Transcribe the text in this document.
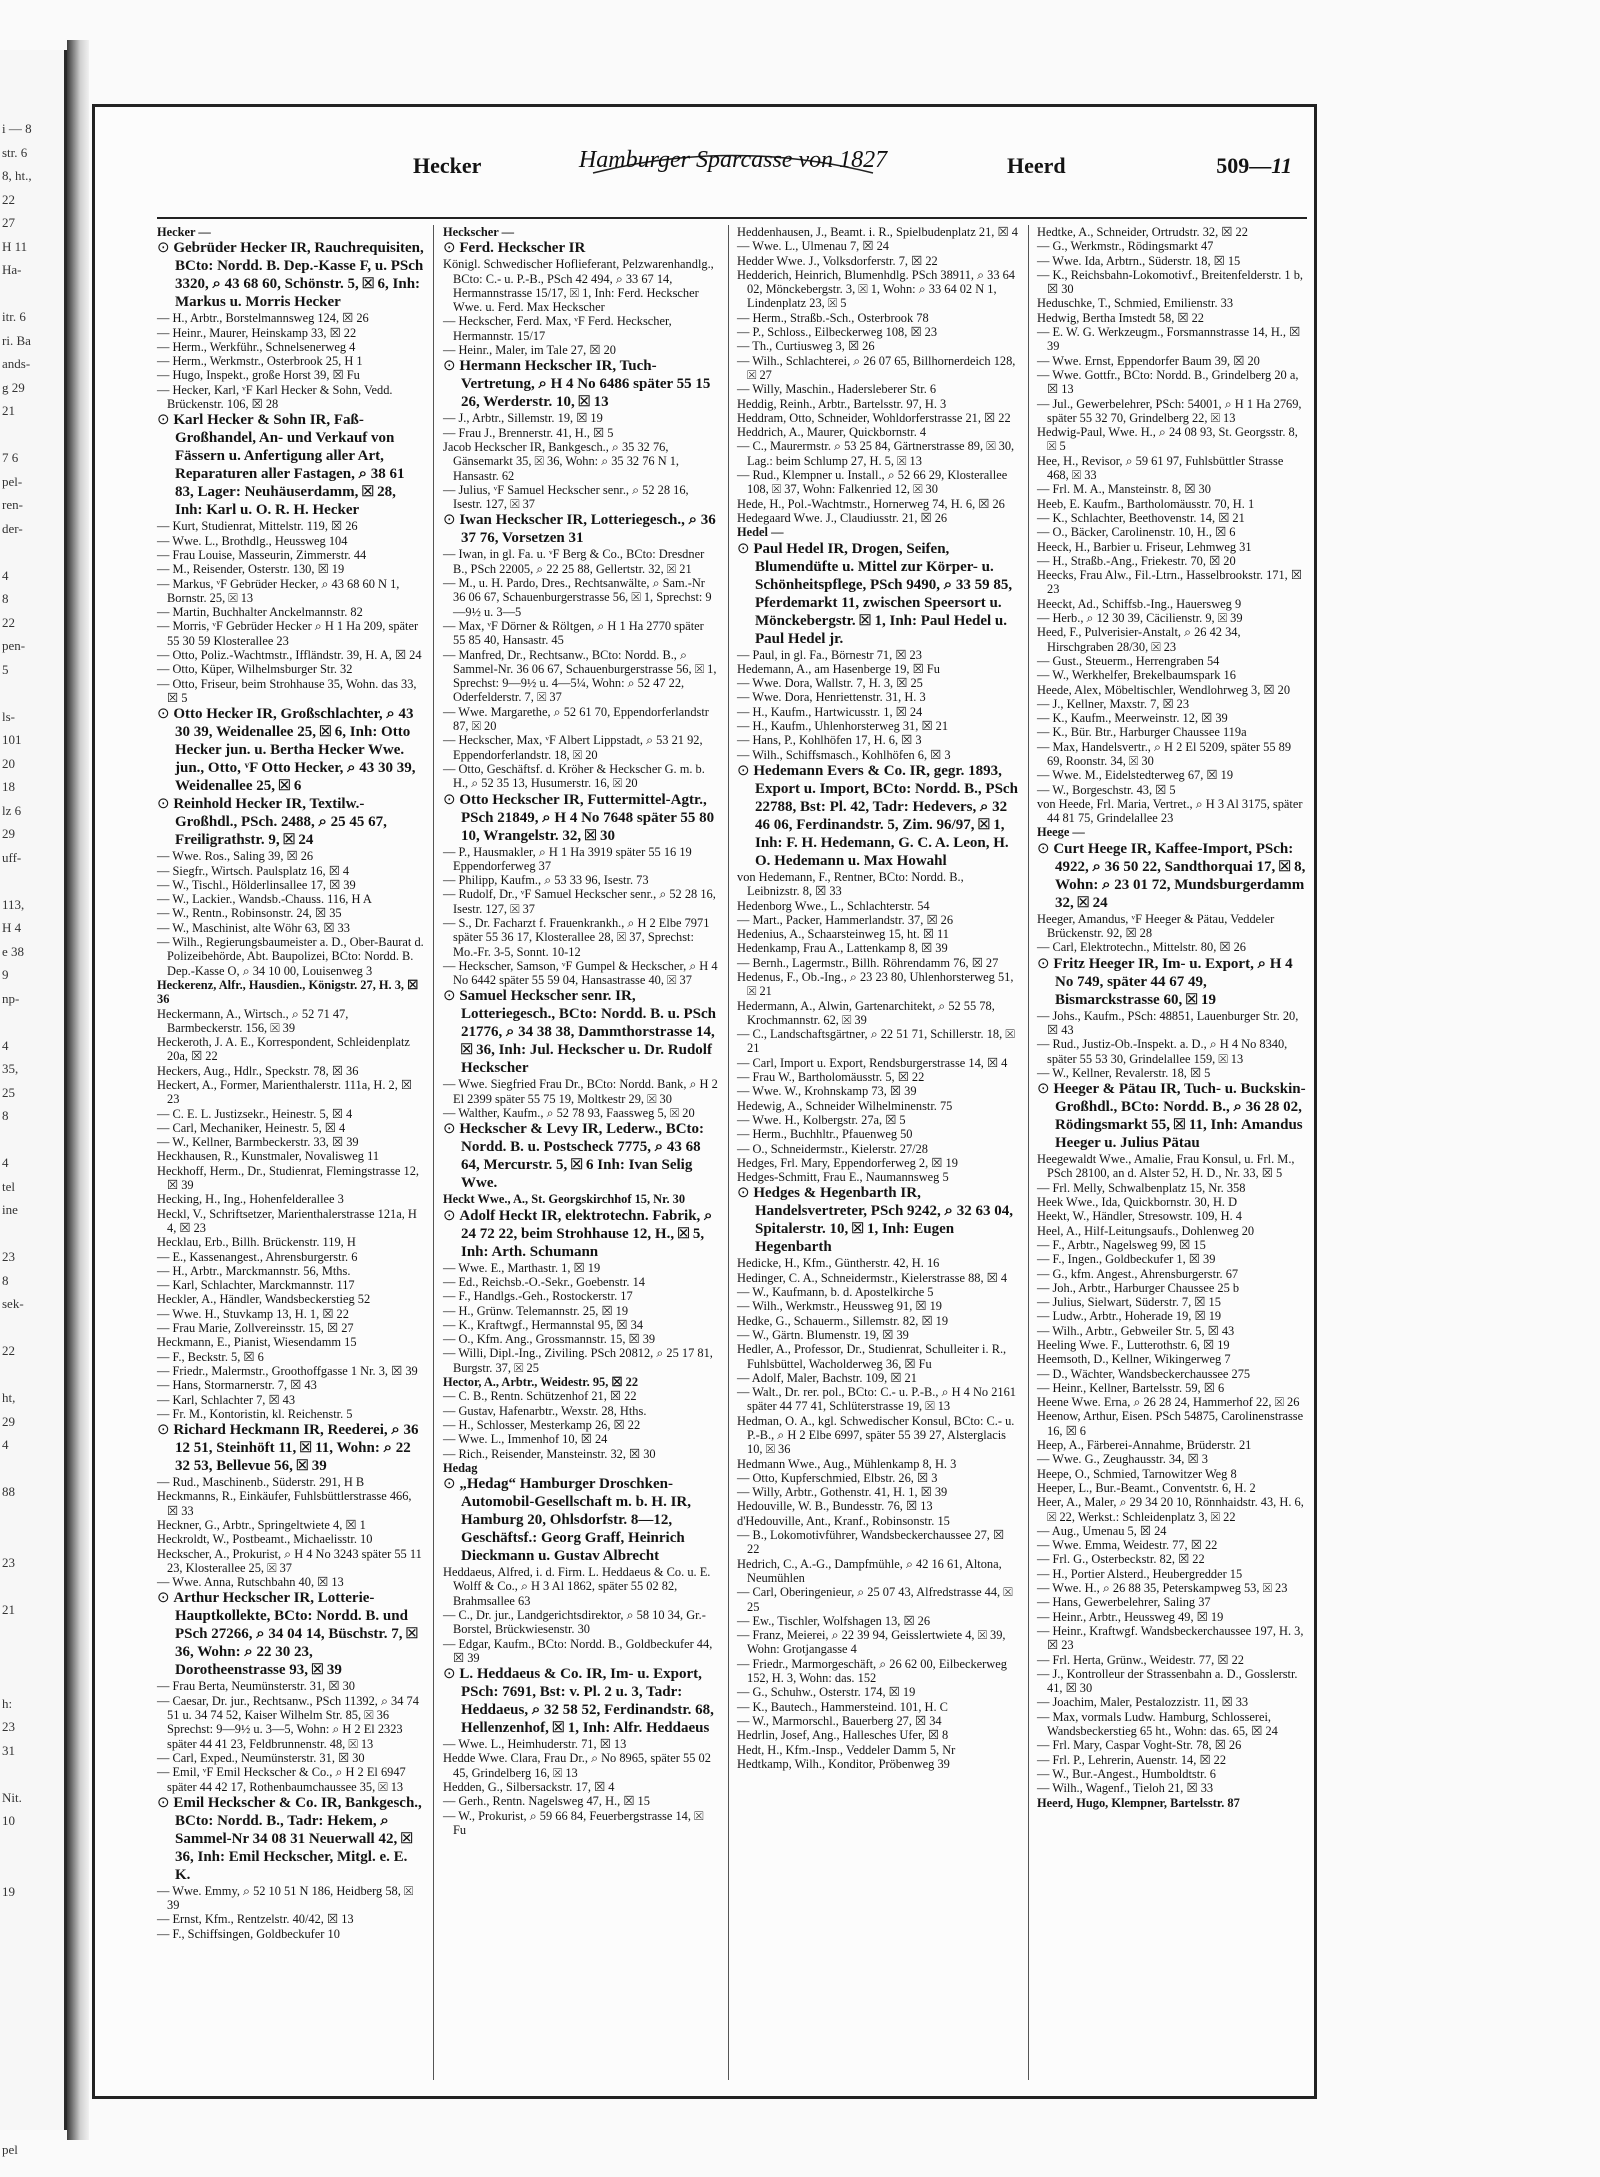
i — 8
str. 6
8, ht.,
22
27
H 11
Ha-
itr. 6
ri. Ba
ands-
g 29
21
7 6
pel-
ren-
der-
4
8
22
pen-
5
ls-
101
20
18
lz 6
29
uff-
113,
H 4
e 38
9
np-
4
35,
25
8
4
tel
ine
23
8
sek-
22
ht,
29
4
88
23
21
h:
23
31
Nit.
10
19
pel
Hecker	Hamburger Sparcasse von 1827	Heerd	509—11

Hecker —

⊙ Gebrüder Hecker IR, Rauchrequisiten, BCto: Nordd. B. Dep.-Kasse F, u. PSch 3320, ⌕ 43 68 60, Schönstr. 5, ☒ 6, Inh: Markus u. Morris Hecker

— H., Arbtr., Borstelmannsweg 124, ☒ 26

— Heinr., Maurer, Heinskamp 33, ☒ 22

— Herm., Werkführ., Schnelsenerweg 4

— Herm., Werkmstr., Osterbrook 25, H 1

— Hugo, Inspekt., große Horst 39, ☒ Fu

— Hecker, Karl, ᵛF Karl Hecker & Sohn, Vedd. Brückenstr. 106, ☒ 28

⊙ Karl Hecker & Sohn IR, Faß-Großhandel, An- und Verkauf von Fässern u. Anfertigung aller Art, Reparaturen aller Fastagen, ⌕ 38 61 83, Lager: Neuhäuserdamm, ☒ 28, Inh: Karl u. O. R. H. Hecker

— Kurt, Studienrat, Mittelstr. 119, ☒ 26

— Wwe. L., Brothdlg., Heussweg 104

— Frau Louise, Masseurin, Zimmerstr. 44

— M., Reisender, Osterstr. 130, ☒ 19

— Markus, ᵛF Gebrüder Hecker, ⌕ 43 68 60 N 1, Bornstr. 25, ☒ 13

— Martin, Buchhalter Anckelmannstr. 82

— Morris, ᵛF Gebrüder Hecker ⌕ H 1 Ha 209, später 55 30 59 Klosterallee 23

— Otto, Poliz.-Wachtmstr., Iffländstr. 39, H. A, ☒ 24

— Otto, Küper, Wilhelmsburger Str. 32

— Otto, Friseur, beim Strohhause 35, Wohn. das 33, ☒ 5

⊙ Otto Hecker IR, Großschlachter, ⌕ 43 30 39, Weidenallee 25, ☒ 6, Inh: Otto Hecker jun. u. Bertha Hecker Wwe. jun., Otto, ᵛF Otto Hecker, ⌕ 43 30 39, Weidenallee 25, ☒ 6

⊙ Reinhold Hecker IR, Textilw.-Großhdl., PSch. 2488, ⌕ 25 45 67, Freiligrathstr. 9, ☒ 24

— Wwe. Ros., Saling 39, ☒ 26

— Siegfr., Wirtsch. Paulsplatz 16, ☒ 4

— W., Tischl., Hölderlinsallee 17, ☒ 39

— W., Lackier., Wandsb.-Chauss. 116, H A

— W., Rentn., Robinsonstr. 24, ☒ 35

— W., Maschinist, alte Wöhr 63, ☒ 33

— Wilh., Regierungsbaumeister a. D., Ober-Baurat d. Polizeibehörde, Abt. Baupolizei, BCto: Nordd. B. Dep.-Kasse O, ⌕ 34 10 00, Louisenweg 3

Heckerenz, Alfr., Hausdien., Königstr. 27, H. 3, ☒ 36

Heckermann, A., Wirtsch., ⌕ 52 71 47, Barmbeckerstr. 156, ☒ 39

Heckeroth, J. A. E., Korrespondent, Schleidenplatz 20a, ☒ 22

Heckers, Aug., Hdlr., Speckstr. 78, ☒ 36

Heckert, A., Former, Marienthalerstr. 111a, H. 2, ☒ 23

— C. E. L. Justizsekr., Heinestr. 5, ☒ 4

— Carl, Mechaniker, Heinestr. 5, ☒ 4

— W., Kellner, Barmbeckerstr. 33, ☒ 39

Heckhausen, R., Kunstmaler, Novalisweg 11

Heckhoff, Herm., Dr., Studienrat, Flemingstrasse 12, ☒ 39

Hecking, H., Ing., Hohenfelderallee 3

Heckl, V., Schriftsetzer, Marienthalerstrasse 121a, H 4, ☒ 23

Hecklau, Erb., Billh. Brückenstr. 119, H

— E., Kassenangest., Ahrensburgerstr. 6

— H., Arbtr., Marckmannstr. 56, Mths.

— Karl, Schlachter, Marckmannstr. 117

Heckler, A., Händler, Wandsbeckerstieg 52

— Wwe. H., Stuvkamp 13, H. 1, ☒ 22

— Frau Marie, Zollvereinsstr. 15, ☒ 27

Heckmann, E., Pianist, Wiesendamm 15

— F., Beckstr. 5, ☒ 6

— Friedr., Malermstr., Groothoffgasse 1 Nr. 3, ☒ 39

— Hans, Stormarnerstr. 7, ☒ 43

— Karl, Schlachter 7, ☒ 43

— Fr. M., Kontoristin, kl. Reichenstr. 5

⊙ Richard Heckmann IR, Reederei, ⌕ 36 12 51, Steinhöft 11, ☒ 11, Wohn: ⌕ 22 32 53, Bellevue 56, ☒ 39

— Rud., Maschinenb., Süderstr. 291, H B

Heckmanns, R., Einkäufer, Fuhlsbüttlerstrasse 466, ☒ 33

Heckner, G., Arbtr., Springeltwiete 4, ☒ 1

Heckroldt, W., Postbeamt., Michaelisstr. 10

Heckscher, A., Prokurist, ⌕ H 4 No 3243 später 55 11 23, Klosterallee 25, ☒ 37

— Wwe. Anna, Rutschbahn 40, ☒ 13

⊙ Arthur Heckscher IR, Lotterie-Hauptkollekte, BCto: Nordd. B. und PSch 27266, ⌕ 34 04 14, Büschstr. 7, ☒ 36, Wohn: ⌕ 22 30 23, Dorotheenstrasse 93, ☒ 39

— Frau Berta, Neumünsterstr. 31, ☒ 30

— Caesar, Dr. jur., Rechtsanw., PSch 11392, ⌕ 34 74 51 u. 34 74 52, Kaiser Wilhelm Str. 85, ☒ 36 Sprechst: 9—9½ u. 3—5, Wohn: ⌕ H 2 El 2323 später 44 41 23, Feldbrunnenstr. 48, ☒ 13

— Carl, Exped., Neumünsterstr. 31, ☒ 30

— Emil, ᵛF Emil Heckscher & Co., ⌕ H 2 El 6947 später 44 42 17, Rothenbaumchaussee 35, ☒ 13

⊙ Emil Heckscher & Co. IR, Bankgesch., BCto: Nordd. B., Tadr: Hekem, ⌕ Sammel-Nr 34 08 31 Neuerwall 42, ☒ 36, Inh: Emil Heckscher, Mitgl. e. E. K.

— Wwe. Emmy, ⌕ 52 10 51 N 186, Heidberg 58, ☒ 39

— Ernst, Kfm., Rentzelstr. 40/42, ☒ 13

— F., Schiffsingen, Goldbeckufer 10

Heckscher —

⊙ Ferd. Heckscher IR

Königl. Schwedischer Hoflieferant, Pelzwarenhandlg., BCto: C.- u. P.-B., PSch 42 494, ⌕ 33 67 14, Hermannstrasse 15/17, ☒ 1, Inh: Ferd. Heckscher Wwe. u. Ferd. Max Heckscher

— Heckscher, Ferd. Max, ᵛF Ferd. Heckscher, Hermannstr. 15/17

— Heinr., Maler, im Tale 27, ☒ 20

⊙ Hermann Heckscher IR, Tuch-Vertretung, ⌕ H 4 No 6486 später 55 15 26, Werderstr. 10, ☒ 13

— J., Arbtr., Sillemstr. 19, ☒ 19

— Frau J., Brennerstr. 41, H., ☒ 5

Jacob Heckscher IR, Bankgesch., ⌕ 35 32 76, Gänsemarkt 35, ☒ 36, Wohn: ⌕ 35 32 76 N 1, Hansastr. 62

— Julius, ᵛF Samuel Heckscher senr., ⌕ 52 28 16, Isestr. 127, ☒ 37

⊙ Iwan Heckscher IR, Lotteriegesch., ⌕ 36 37 76, Vorsetzen 31

— Iwan, in gl. Fa. u. ᵛF Berg & Co., BCto: Dresdner B., PSch 22005, ⌕ 22 25 88, Gellertstr. 32, ☒ 21

— M., u. H. Pardo, Dres., Rechtsanwälte, ⌕ Sam.-Nr 36 06 67, Schauenburgerstrasse 56, ☒ 1, Sprechst: 9—9½ u. 3—5

— Max, ᵛF Dörner & Röltgen, ⌕ H 1 Ha 2770 später 55 85 40, Hansastr. 45

— Manfred, Dr., Rechtsanw., BCto: Nordd. B., ⌕ Sammel-Nr. 36 06 67, Schauenburgerstrasse 56, ☒ 1, Sprechst: 9—9½ u. 4—5¼, Wohn: ⌕ 52 47 22, Oderfelderstr. 7, ☒ 37

— Wwe. Margarethe, ⌕ 52 61 70, Eppendorferlandstr 87, ☒ 20

— Heckscher, Max, ᵛF Albert Lippstadt, ⌕ 53 21 92, Eppendorferlandstr. 18, ☒ 20

— Otto, Geschäftsf. d. Kröher & Heckscher G. m. b. H., ⌕ 52 35 13, Husumerstr. 16, ☒ 20

⊙ Otto Heckscher IR, Futtermittel-Agtr., PSch 21849, ⌕ H 4 No 7648 später 55 80 10, Wrangelstr. 32, ☒ 30

— P., Hausmakler, ⌕ H 1 Ha 3919 später 55 16 19 Eppendorferweg 37

— Philipp, Kaufm., ⌕ 53 33 96, Isestr. 73

— Rudolf, Dr., ᵛF Samuel Heckscher senr., ⌕ 52 28 16, Isestr. 127, ☒ 37

— S., Dr. Facharzt f. Frauenkrankh., ⌕ H 2 Elbe 7971 später 55 36 17, Klosterallee 28, ☒ 37, Sprechst: Mo.-Fr. 3-5, Sonnt. 10-12

— Heckscher, Samson, ᵛF Gumpel & Heckscher, ⌕ H 4 No 6442 später 55 59 04, Hansastrasse 40, ☒ 37

⊙ Samuel Heckscher senr. IR, Lotteriegesch., BCto: Nordd. B. u. PSch 21776, ⌕ 34 38 38, Dammthorstrasse 14, ☒ 36, Inh: Jul. Heckscher u. Dr. Rudolf Heckscher

— Wwe. Siegfried Frau Dr., BCto: Nordd. Bank, ⌕ H 2 El 2399 später 55 75 19, Moltkestr 29, ☒ 30

— Walther, Kaufm., ⌕ 52 78 93, Faassweg 5, ☒ 20

⊙ Heckscher & Levy IR, Lederw., BCto: Nordd. B. u. Postscheck 7775, ⌕ 43 68 64, Mercurstr. 5, ☒ 6 Inh: Ivan Selig Wwe.

Heckt Wwe., A., St. Georgskirchhof 15, Nr. 30

⊙ Adolf Heckt IR, elektrotechn. Fabrik, ⌕ 24 72 22, beim Strohhause 12, H., ☒ 5, Inh: Arth. Schumann

— Wwe. E., Marthastr. 1, ☒ 19

— Ed., Reichsb.-O.-Sekr., Goebenstr. 14

— F., Handlgs.-Geh., Rostockerstr. 17

— H., Grünw. Telemannstr. 25, ☒ 19

— K., Kraftwgf., Hermannstal 95, ☒ 34

— O., Kfm. Ang., Grossmannstr. 15, ☒ 39

— Willi, Dipl.-Ing., Ziviling. PSch 20812, ⌕ 25 17 81, Burgstr. 37, ☒ 25

Hector, A., Arbtr., Weidestr. 95, ☒ 22

— C. B., Rentn. Schützenhof 21, ☒ 22

— Gustav, Hafenarbtr., Wexstr. 28, Hths.

— H., Schlosser, Mesterkamp 26, ☒ 22

— Wwe. L., Immenhof 10, ☒ 24

— Rich., Reisender, Mansteinstr. 32, ☒ 30

Hedag

⊙ „Hedag“ Hamburger Droschken-Automobil-Gesellschaft m. b. H. IR, Hamburg 20, Ohlsdorfstr. 8—12, Geschäftsf.: Georg Graff, Heinrich Dieckmann u. Gustav Albrecht

Heddaeus, Alfred, i. d. Firm. L. Heddaeus & Co. u. E. Wolff & Co., ⌕ H 3 Al 1862, später 55 02 82, Brahmsallee 63

— C., Dr. jur., Landgerichtsdirektor, ⌕ 58 10 34, Gr.-Borstel, Brückwiesenstr. 30

— Edgar, Kaufm., BCto: Nordd. B., Goldbeckufer 44, ☒ 39

⊙ L. Heddaeus & Co. IR, Im- u. Export, PSch: 7691, Bst: v. Pl. 2 u. 3, Tadr: Heddaeus, ⌕ 32 58 52, Ferdinandstr. 68, Hellenzenhof, ☒ 1, Inh: Alfr. Heddaeus

— Wwe. L., Heimhuderstr. 71, ☒ 13

Hedde Wwe. Clara, Frau Dr., ⌕ No 8965, später 55 02 45, Grindelberg 16, ☒ 13

Hedden, G., Silbersackstr. 17, ☒ 4

— Gerh., Rentn. Nagelsweg 47, H., ☒ 15

— W., Prokurist, ⌕ 59 66 84, Feuerbergstrasse 14, ☒ Fu

Heddenhausen, J., Beamt. i. R., Spielbudenplatz 21, ☒ 4

— Wwe. L., Ulmenau 7, ☒ 24

Hedder Wwe. J., Volksdorferstr. 7, ☒ 22

Hedderich, Heinrich, Blumenhdlg. PSch 38911, ⌕ 33 64 02, Mönckebergstr. 3, ☒ 1, Wohn: ⌕ 33 64 02 N 1, Lindenplatz 23, ☒ 5

— Herm., Straßb.-Sch., Osterbrook 78

— P., Schloss., Eilbeckerweg 108, ☒ 23

— Th., Curtiusweg 3, ☒ 26

— Wilh., Schlachterei, ⌕ 26 07 65, Billhornerdeich 128, ☒ 27

— Willy, Maschin., Hadersleberer Str. 6

Heddig, Reinh., Arbtr., Bartelsstr. 97, H. 3

Heddram, Otto, Schneider, Wohldorferstrasse 21, ☒ 22

Heddrich, A., Maurer, Quickbornstr. 4

— C., Maurermstr. ⌕ 53 25 84, Gärtnerstrasse 89, ☒ 30, Lag.: beim Schlump 27, H. 5, ☒ 13

— Rud., Klempner u. Install., ⌕ 52 66 29, Klosterallee 108, ☒ 37, Wohn: Falkenried 12, ☒ 30

Hede, H., Pol.-Wachtmstr., Hornerweg 74, H. 6, ☒ 26

Hedegaard Wwe. J., Claudiusstr. 21, ☒ 26

Hedel —

⊙ Paul Hedel IR, Drogen, Seifen, Blumendüfte u. Mittel zur Körper- u. Schönheitspflege, PSch 9490, ⌕ 33 59 85, Pferdemarkt 11, zwischen Speersort u. Mönckebergstr. ☒ 1, Inh: Paul Hedel u. Paul Hedel jr.

— Paul, in gl. Fa., Börnestr 71, ☒ 23

Hedemann, A., am Hasenberge 19, ☒ Fu

— Wwe. Dora, Wallstr. 7, H. 3, ☒ 25

— Wwe. Dora, Henriettenstr. 31, H. 3

— H., Kaufm., Hartwicusstr. 1, ☒ 24

— H., Kaufm., Uhlenhorsterweg 31, ☒ 21

— Hans, P., Kohlhöfen 17, H. 6, ☒ 3

— Wilh., Schiffsmasch., Kohlhöfen 6, ☒ 3

⊙ Hedemann Evers & Co. IR, gegr. 1893, Export u. Import, BCto: Nordd. B., PSch 22788, Bst: Pl. 42, Tadr: Hedevers, ⌕ 32 46 06, Ferdinandstr. 5, Zim. 96/97, ☒ 1, Inh: F. H. Hedemann, G. C. A. Leon, H. O. Hedemann u. Max Howahl

von Hedemann, F., Rentner, BCto: Nordd. B., Leibnizstr. 8, ☒ 33

Hedenborg Wwe., L., Schlachterstr. 54

— Mart., Packer, Hammerlandstr. 37, ☒ 26

Hedenius, A., Schaarsteinweg 15, ht. ☒ 11

Hedenkamp, Frau A., Lattenkamp 8, ☒ 39

— Bernh., Lagermstr., Billh. Röhrendamm 76, ☒ 27

Hedenus, F., Ob.-Ing., ⌕ 23 23 80, Uhlenhorsterweg 51, ☒ 21

Hedermann, A., Alwin, Gartenarchitekt, ⌕ 52 55 78, Krochmannstr. 62, ☒ 39

— C., Landschaftsgärtner, ⌕ 22 51 71, Schillerstr. 18, ☒ 21

— Carl, Import u. Export, Rendsburgerstrasse 14, ☒ 4

— Frau W., Bartholomäusstr. 5, ☒ 22

— Wwe. W., Krohnskamp 73, ☒ 39

Hedewig, A., Schneider Wilhelminenstr. 75

— Wwe. H., Kolbergstr. 27a, ☒ 5

— Herm., Buchhltr., Pfauenweg 50

— O., Schneidermstr., Kielerstr. 27/28

Hedges, Frl. Mary, Eppendorferweg 2, ☒ 19

Hedges-Schmitt, Frau E., Naumannsweg 5

⊙ Hedges & Hegenbarth IR, Handelsvertreter, PSch 9242, ⌕ 32 63 04, Spitalerstr. 10, ☒ 1, Inh: Eugen Hegenbarth

Hedicke, H., Kfm., Güntherstr. 42, H. 16

Hedinger, C. A., Schneidermstr., Kielerstrasse 88, ☒ 4

— W., Kaufmann, b. d. Apostelkirche 5

— Wilh., Werkmstr., Heussweg 91, ☒ 19

Hedke, G., Schauerm., Sillemstr. 82, ☒ 19

— W., Gärtn. Blumenstr. 19, ☒ 39

Hedler, A., Professor, Dr., Studienrat, Schulleiter i. R., Fuhlsbüttel, Wacholderweg 36, ☒ Fu

— Adolf, Maler, Bachstr. 109, ☒ 21

— Walt., Dr. rer. pol., BCto: C.- u. P.-B., ⌕ H 4 No 2161 später 44 77 41, Schlüterstrasse 19, ☒ 13

Hedman, O. A., kgl. Schwedischer Konsul, BCto: C.- u. P.-B., ⌕ H 2 Elbe 6997, später 55 39 27, Alsterglacis 10, ☒ 36

Hedmann Wwe., Aug., Mühlenkamp 8, H. 3

— Otto, Kupferschmied, Elbstr. 26, ☒ 3

— Willy, Arbtr., Gothenstr. 41, H. 1, ☒ 39

Hedouville, W. B., Bundesstr. 76, ☒ 13

d'Hedouville, Ant., Kranf., Robinsonstr. 15

— B., Lokomotivführer, Wandsbeckerchaussee 27, ☒ 22

Hedrich, C., A.-G., Dampfmühle, ⌕ 42 16 61, Altona, Neumühlen

— Carl, Oberingenieur, ⌕ 25 07 43, Alfredstrasse 44, ☒ 25

— Ew., Tischler, Wolfshagen 13, ☒ 26

— Franz, Meierei, ⌕ 22 39 94, Geisslertwiete 4, ☒ 39, Wohn: Grotjangasse 4

— Friedr., Marmorgeschäft, ⌕ 26 62 00, Eilbeckerweg 152, H. 3, Wohn: das. 152

— G., Schuhw., Osterstr. 174, ☒ 19

— K., Bautech., Hammersteind. 101, H. C

— W., Marmorschl., Bauerberg 27, ☒ 34

Hedrlin, Josef, Ang., Hallesches Ufer, ☒ 8

Hedt, H., Kfm.-Insp., Veddeler Damm 5, Nr

Hedtkamp, Wilh., Konditor, Pröbenweg 39

Hedtke, A., Schneider, Ortrudstr. 32, ☒ 22

— G., Werkmstr., Rödingsmarkt 47

— Wwe. Ida, Arbtrn., Süderstr. 18, ☒ 15

— K., Reichsbahn-Lokomotivf., Breitenfelderstr. 1 b, ☒ 30

Heduschke, T., Schmied, Emilienstr. 33

Hedwig, Bertha Imstedt 58, ☒ 22

— E. W. G. Werkzeugm., Forsmannstrasse 14, H., ☒ 39

— Wwe. Ernst, Eppendorfer Baum 39, ☒ 20

— Wwe. Gottfr., BCto: Nordd. B., Grindelberg 20 a, ☒ 13

— Jul., Gewerbelehrer, PSch: 54001, ⌕ H 1 Ha 2769, später 55 32 70, Grindelberg 22, ☒ 13

Hedwig-Paul, Wwe. H., ⌕ 24 08 93, St. Georgsstr. 8, ☒ 5

Hee, H., Revisor, ⌕ 59 61 97, Fuhlsbüttler Strasse 468, ☒ 33

— Frl. M. A., Mansteinstr. 8, ☒ 30

Heeb, E. Kaufm., Bartholomäusstr. 70, H. 1

— K., Schlachter, Beethovenstr. 14, ☒ 21

— O., Bäcker, Carolinenstr. 10, H., ☒ 6

Heeck, H., Barbier u. Friseur, Lehmweg 31

— H., Straßb.-Ang., Friekestr. 70, ☒ 20

Heecks, Frau Alw., Fil.-Ltrn., Hasselbrookstr. 171, ☒ 23

Heeckt, Ad., Schiffsb.-Ing., Hauersweg 9

— Herb., ⌕ 12 30 39, Cäcilienstr. 9, ☒ 39

Heed, F., Pulverisier-Anstalt, ⌕ 26 42 34, Hirschgraben 28/30, ☒ 23

— Gust., Steuerm., Herrengraben 54

— W., Werkhelfer, Brekelbaumspark 16

Heede, Alex, Möbeltischler, Wendlohrweg 3, ☒ 20

— J., Kellner, Maxstr. 7, ☒ 23

— K., Kaufm., Meerweinstr. 12, ☒ 39

— K., Bür. Btr., Harburger Chaussee 119a

— Max, Handelsvertr., ⌕ H 2 El 5209, später 55 89 69, Roonstr. 34, ☒ 30

— Wwe. M., Eidelstedterweg 67, ☒ 19

— W., Borgeschstr. 43, ☒ 5

von Heede, Frl. Maria, Vertret., ⌕ H 3 Al 3175, später 44 81 75, Grindelallee 23

Heege —

⊙ Curt Heege IR, Kaffee-Import, PSch: 4922, ⌕ 36 50 22, Sandthorquai 17, ☒ 8, Wohn: ⌕ 23 01 72, Mundsburgerdamm 32, ☒ 24

Heeger, Amandus, ᵛF Heeger & Pätau, Veddeler Brückenstr. 92, ☒ 28

— Carl, Elektrotechn., Mittelstr. 80, ☒ 26

⊙ Fritz Heeger IR, Im- u. Export, ⌕ H 4 No 749, später 44 67 49, Bismarckstrasse 60, ☒ 19

— Johs., Kaufm., PSch: 48851, Lauenburger Str. 20, ☒ 43

— Rud., Justiz-Ob.-Inspekt. a. D., ⌕ H 4 No 8340, später 55 53 30, Grindelallee 159, ☒ 13

— W., Kellner, Revalerstr. 18, ☒ 5

⊙ Heeger & Pätau IR, Tuch- u. Buckskin-Großhdl., BCto: Nordd. B., ⌕ 36 28 02, Rödingsmarkt 55, ☒ 11, Inh: Amandus Heeger u. Julius Pätau

Heegewaldt Wwe., Amalie, Frau Konsul, u. Frl. M., PSch 28100, an d. Alster 52, H. D., Nr. 33, ☒ 5

— Frl. Melly, Schwalbenplatz 15, Nr. 358

Heek Wwe., Ida, Quickbornstr. 30, H. D

Heekt, W., Händler, Stresowstr. 109, H. 4

Heel, A., Hilf-Leitungsaufs., Dohlenweg 20

— F., Arbtr., Nagelsweg 99, ☒ 15

— F., Ingen., Goldbeckufer 1, ☒ 39

— G., kfm. Angest., Ahrensburgerstr. 67

— Joh., Arbtr., Harburger Chaussee 25 b

— Julius, Sielwart, Süderstr. 7, ☒ 15

— Ludw., Arbtr., Hoherade 19, ☒ 19

— Wilh., Arbtr., Gebweiler Str. 5, ☒ 43

Heeling Wwe. F., Lutterothstr. 6, ☒ 19

Heemsoth, D., Kellner, Wikingerweg 7

— D., Wächter, Wandsbeckerchaussee 275

— Heinr., Kellner, Bartelsstr. 59, ☒ 6

Heene Wwe. Erna, ⌕ 26 28 24, Hammerhof 22, ☒ 26

Heenow, Arthur, Eisen. PSch 54875, Carolinenstrasse 16, ☒ 6

Heep, A., Färberei-Annahme, Brüderstr. 21

— Wwe. G., Zeughausstr. 34, ☒ 3

Heepe, O., Schmied, Tarnowitzer Weg 8

Heeper, L., Bur.-Beamt., Conventstr. 6, H. 2

Heer, A., Maler, ⌕ 29 34 20 10, Rönnhaidstr. 43, H. 6, ☒ 22, Werkst.: Schleidenplatz 3, ☒ 22

— Aug., Umenau 5, ☒ 24

— Wwe. Emma, Weidestr. 77, ☒ 22

— Frl. G., Osterbeckstr. 82, ☒ 22

— H., Portier Alsterd., Heubergredder 15

— Wwe. H., ⌕ 26 88 35, Peterskampweg 53, ☒ 23

— Hans, Gewerbelehrer, Saling 37

— Heinr., Arbtr., Heussweg 49, ☒ 19

— Heinr., Kraftwgf. Wandsbeckerchaussee 197, H. 3, ☒ 23

— Frl. Herta, Grünw., Weidestr. 77, ☒ 22

— J., Kontrolleur der Strassenbahn a. D., Gosslerstr. 41, ☒ 30

— Joachim, Maler, Pestalozzistr. 11, ☒ 33

— Max, vormals Ludw. Hamburg, Schlosserei, Wandsbeckerstieg 65 ht., Wohn: das. 65, ☒ 24

— Frl. Mary, Caspar Voght-Str. 78, ☒ 26

— Frl. P., Lehrerin, Auenstr. 14, ☒ 22

— W., Bur.-Angest., Humboldtstr. 6

— Wilh., Wagenf., Tieloh 21, ☒ 33

Heerd, Hugo, Klempner, Bartelsstr. 87
